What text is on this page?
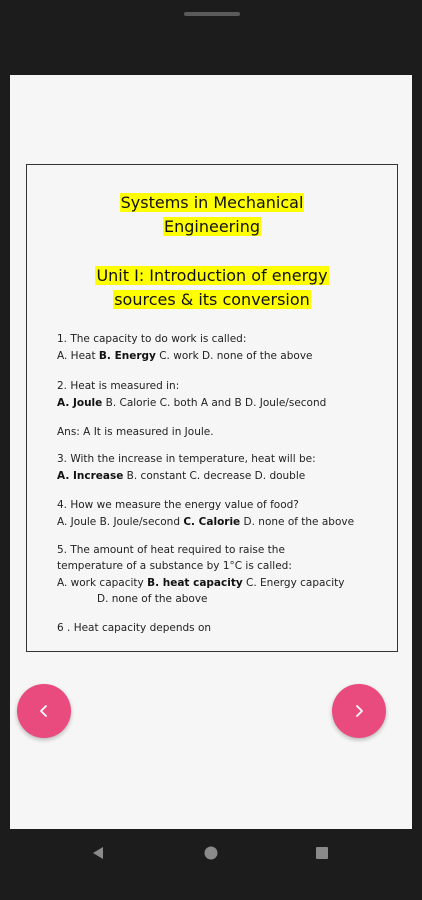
Systems in Mechanical
Engineering
Unit I: Introduction of energy
sources & its conversion
1. The capacity to do work is called:
A. Heat B. Energy C. work D. none of the above
2. Heat is measured in:
A. Joule B. Calorie C. both A and B D. Joule/second
Ans: A It is measured in Joule.
3. With the increase in temperature, heat will be:
A. Increase B. constant C. decrease D. double
4. How we measure the energy value of food?
A. Joule B. Joule/second C. Calorie D. none of the above
5. The amount of heat required to raise the
temperature of a substance by 1°C is called:
A. work capacity B. heat capacity C. Energy capacity
D. none of the above
6 . Heat capacity depends on
